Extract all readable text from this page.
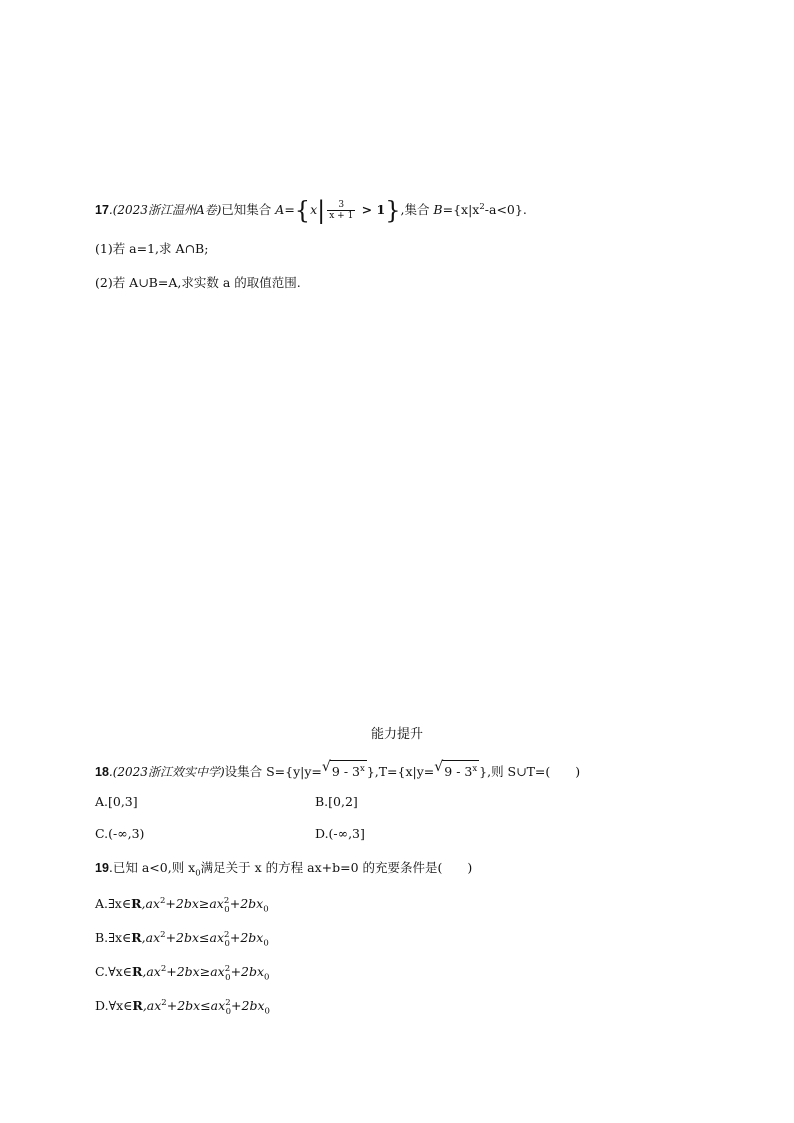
17.(2023浙江温州A卷)已知集合 $A=\{x| \frac{3}{x + 1} > 1\}$,集合 $B=\{x|x^2-a<0\}$.
(1)若 a=1,求 A∩B;
(2)若 A∪B=A,求实数 a 的取值范围.
能力提升
18.(2023浙江效实中学)设集合 S={y|y= √ 9 - 3$^x$ },T={x|y= √ 9 - 3$^x$ },则 S∪T=(　　)
A.[0,3]	B.[0,2]
C.(-∞,3)	D.(-∞,3]
19.已知 a<0,则 $x_0$满足关于 x 的方程 ax+b=0 的充要条件是(　　)
$A.\exists x\in R,ax^2+2bx\ge ax^2_0+2bx_0$
$B.\exists x\in R,ax^2+2bx\le ax^2_0+2bx_0$
$C.\forall x\in R,ax^2+2bx\ge ax^2_0+2bx_0$
$D.\forall x\in R,ax^2+2bx\le ax^2_0+2bx_0$
